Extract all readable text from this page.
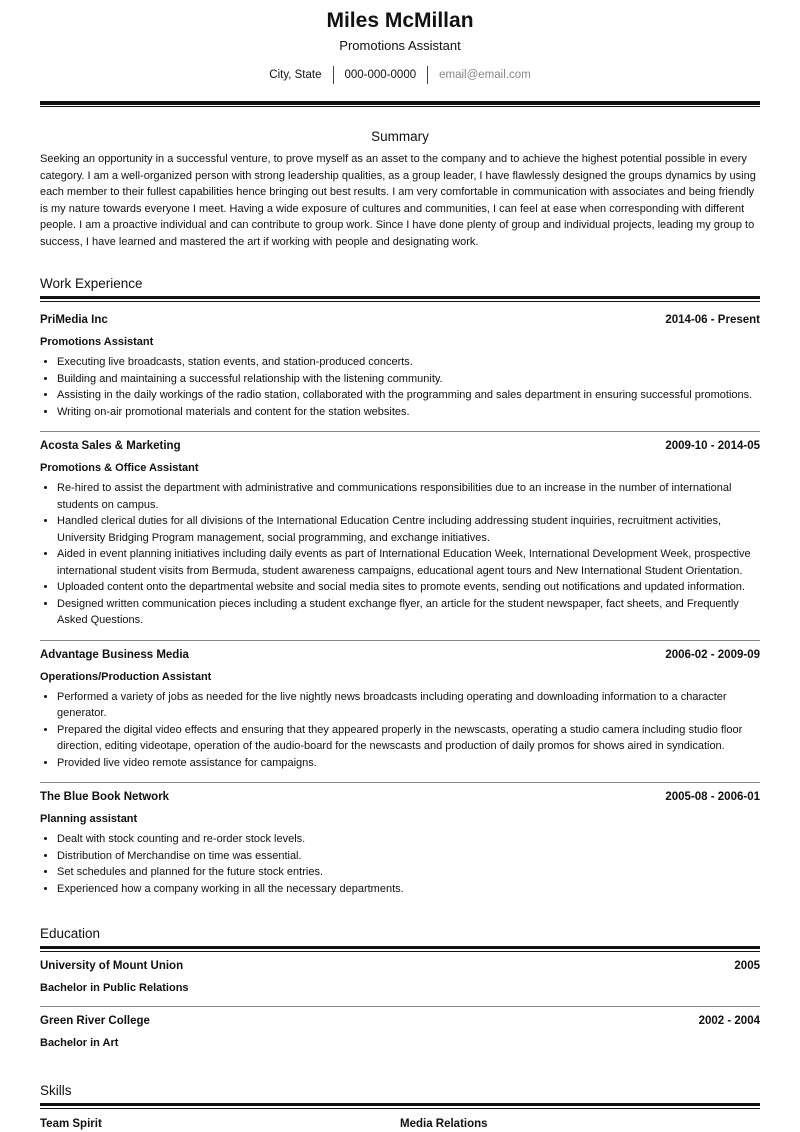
Miles McMillan
Promotions Assistant
City, State	000-000-0000	email@email.com
Summary
Seeking an opportunity in a successful venture, to prove myself as an asset to the company and to achieve the highest potential possible in every category. I am a well-organized person with strong leadership qualities, as a group leader, I have flawlessly designed the groups dynamics by using each member to their fullest capabilities hence bringing out best results. I am very comfortable in communication with associates and being friendly is my nature towards everyone I meet. Having a wide exposure of cultures and communities, I can feel at ease when corresponding with different people. I am a proactive individual and can contribute to group work. Since I have done plenty of group and individual projects, leading my group to success, I have learned and mastered the art if working with people and designating work.
Work Experience
PriMedia Inc	2014-06 - Present
Promotions Assistant
• Executing live broadcasts, station events, and station-produced concerts.
• Building and maintaining a successful relationship with the listening community.
• Assisting in the daily workings of the radio station, collaborated with the programming and sales department in ensuring successful promotions.
• Writing on-air promotional materials and content for the station websites.
Acosta Sales & Marketing	2009-10 - 2014-05
Promotions & Office Assistant
• Re-hired to assist the department with administrative and communications responsibilities due to an increase in the number of international students on campus.
• Handled clerical duties for all divisions of the International Education Centre including addressing student inquiries, recruitment activities, University Bridging Program management, social programming, and exchange initiatives.
• Aided in event planning initiatives including daily events as part of International Education Week, International Development Week, prospective international student visits from Bermuda, student awareness campaigns, educational agent tours and New International Student Orientation.
• Uploaded content onto the departmental website and social media sites to promote events, sending out notifications and updated information.
• Designed written communication pieces including a student exchange flyer, an article for the student newspaper, fact sheets, and Frequently Asked Questions.
Advantage Business Media	2006-02 - 2009-09
Operations/Production Assistant
• Performed a variety of jobs as needed for the live nightly news broadcasts including operating and downloading information to a character generator.
• Prepared the digital video effects and ensuring that they appeared properly in the newscasts, operating a studio camera including studio floor direction, editing videotape, operation of the audio-board for the newscasts and production of daily promos for shows aired in syndication.
• Provided live video remote assistance for campaigns.
The Blue Book Network	2005-08 - 2006-01
Planning assistant
• Dealt with stock counting and re-order stock levels.
• Distribution of Merchandise on time was essential.
• Set schedules and planned for the future stock entries.
• Experienced how a company working in all the necessary departments.
Education
University of Mount Union	2005
Bachelor in Public Relations
Green River College	2002 - 2004
Bachelor in Art
Skills
Team Spirit	Media Relations
